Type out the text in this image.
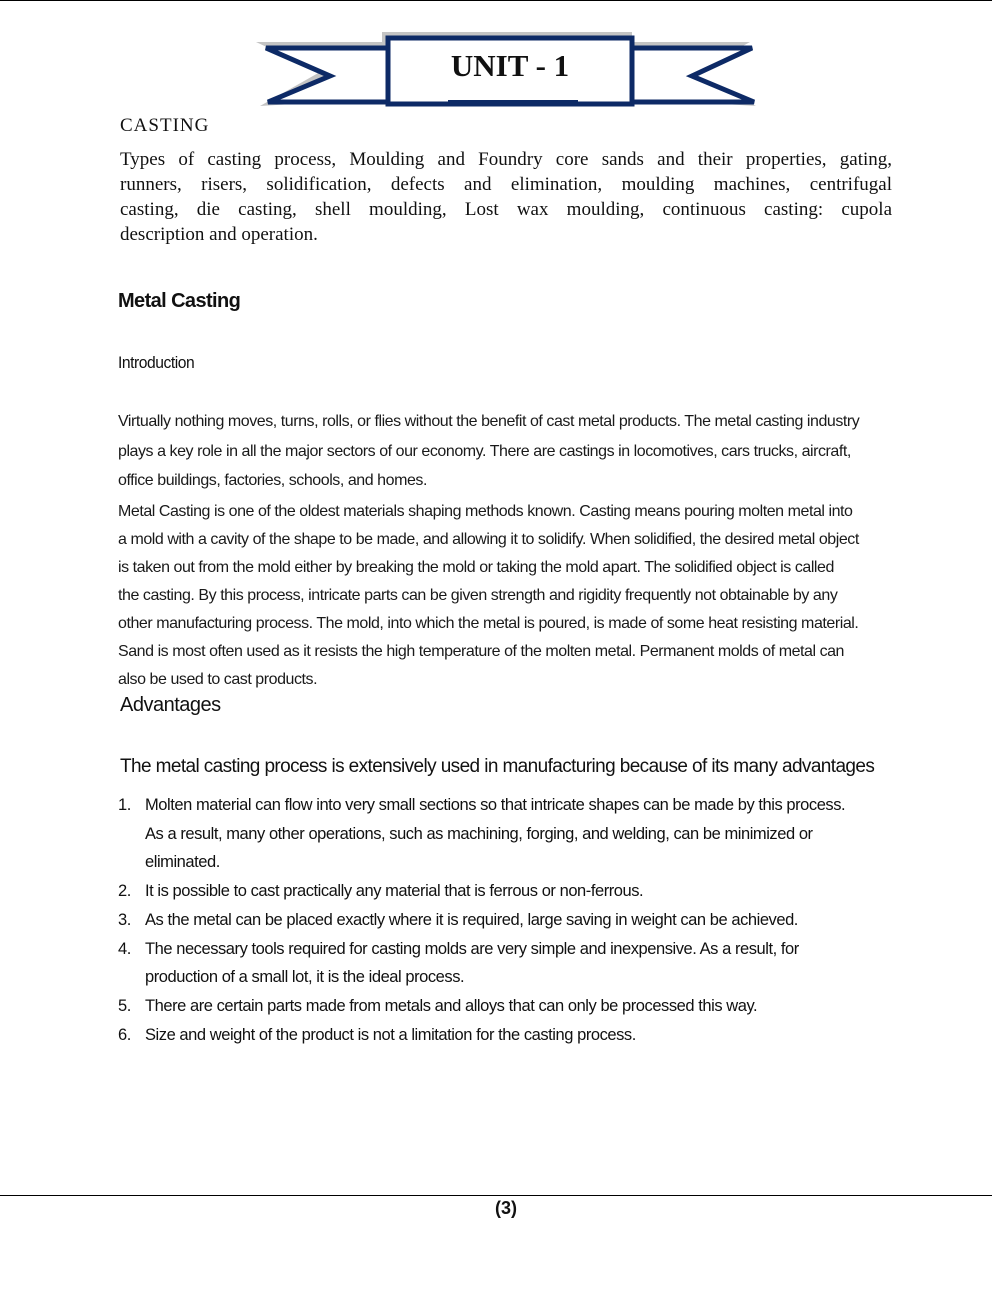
UNIT - 1
CASTING
Types of casting process, Moulding and Foundry core sands and their properties, gating,
runners, risers, solidification, defects and elimination, moulding machines, centrifugal
casting, die casting, shell moulding, Lost wax moulding, continuous casting: cupola
description and operation.
Metal Casting
Introduction
Virtually nothing moves, turns, rolls, or flies without the benefit of cast metal products. The metal casting industry
plays a key role in all the major sectors of our economy. There are castings in locomotives, cars trucks, aircraft,
office buildings, factories, schools, and homes.
Metal Casting is one of the oldest materials shaping methods known. Casting means pouring molten metal into
a mold with a cavity of the shape to be made, and allowing it to solidify. When solidified, the desired metal object
is taken out from the mold either by breaking the mold or taking the mold apart. The solidified object is called
the casting. By this process, intricate parts can be given strength and rigidity frequently not obtainable by any
other manufacturing process. The mold, into which the metal is poured, is made of some heat resisting material.
Sand is most often used as it resists the high temperature of the molten metal. Permanent molds of metal can
also be used to cast products.
Advantages
The metal casting process is extensively used in manufacturing because of its many advantages
1. Molten material can flow into very small sections so that intricate shapes can be made by this process.
As a result, many other operations, such as machining, forging, and welding, can be minimized or
eliminated.
2. It is possible to cast practically any material that is ferrous or non-ferrous.
3. As the metal can be placed exactly where it is required, large saving in weight can be achieved.
4. The necessary tools required for casting molds are very simple and inexpensive. As a result, for
production of a small lot, it is the ideal process.
5. There are certain parts made from metals and alloys that can only be processed this way.
6. Size and weight of the product is not a limitation for the casting process.
(3)
